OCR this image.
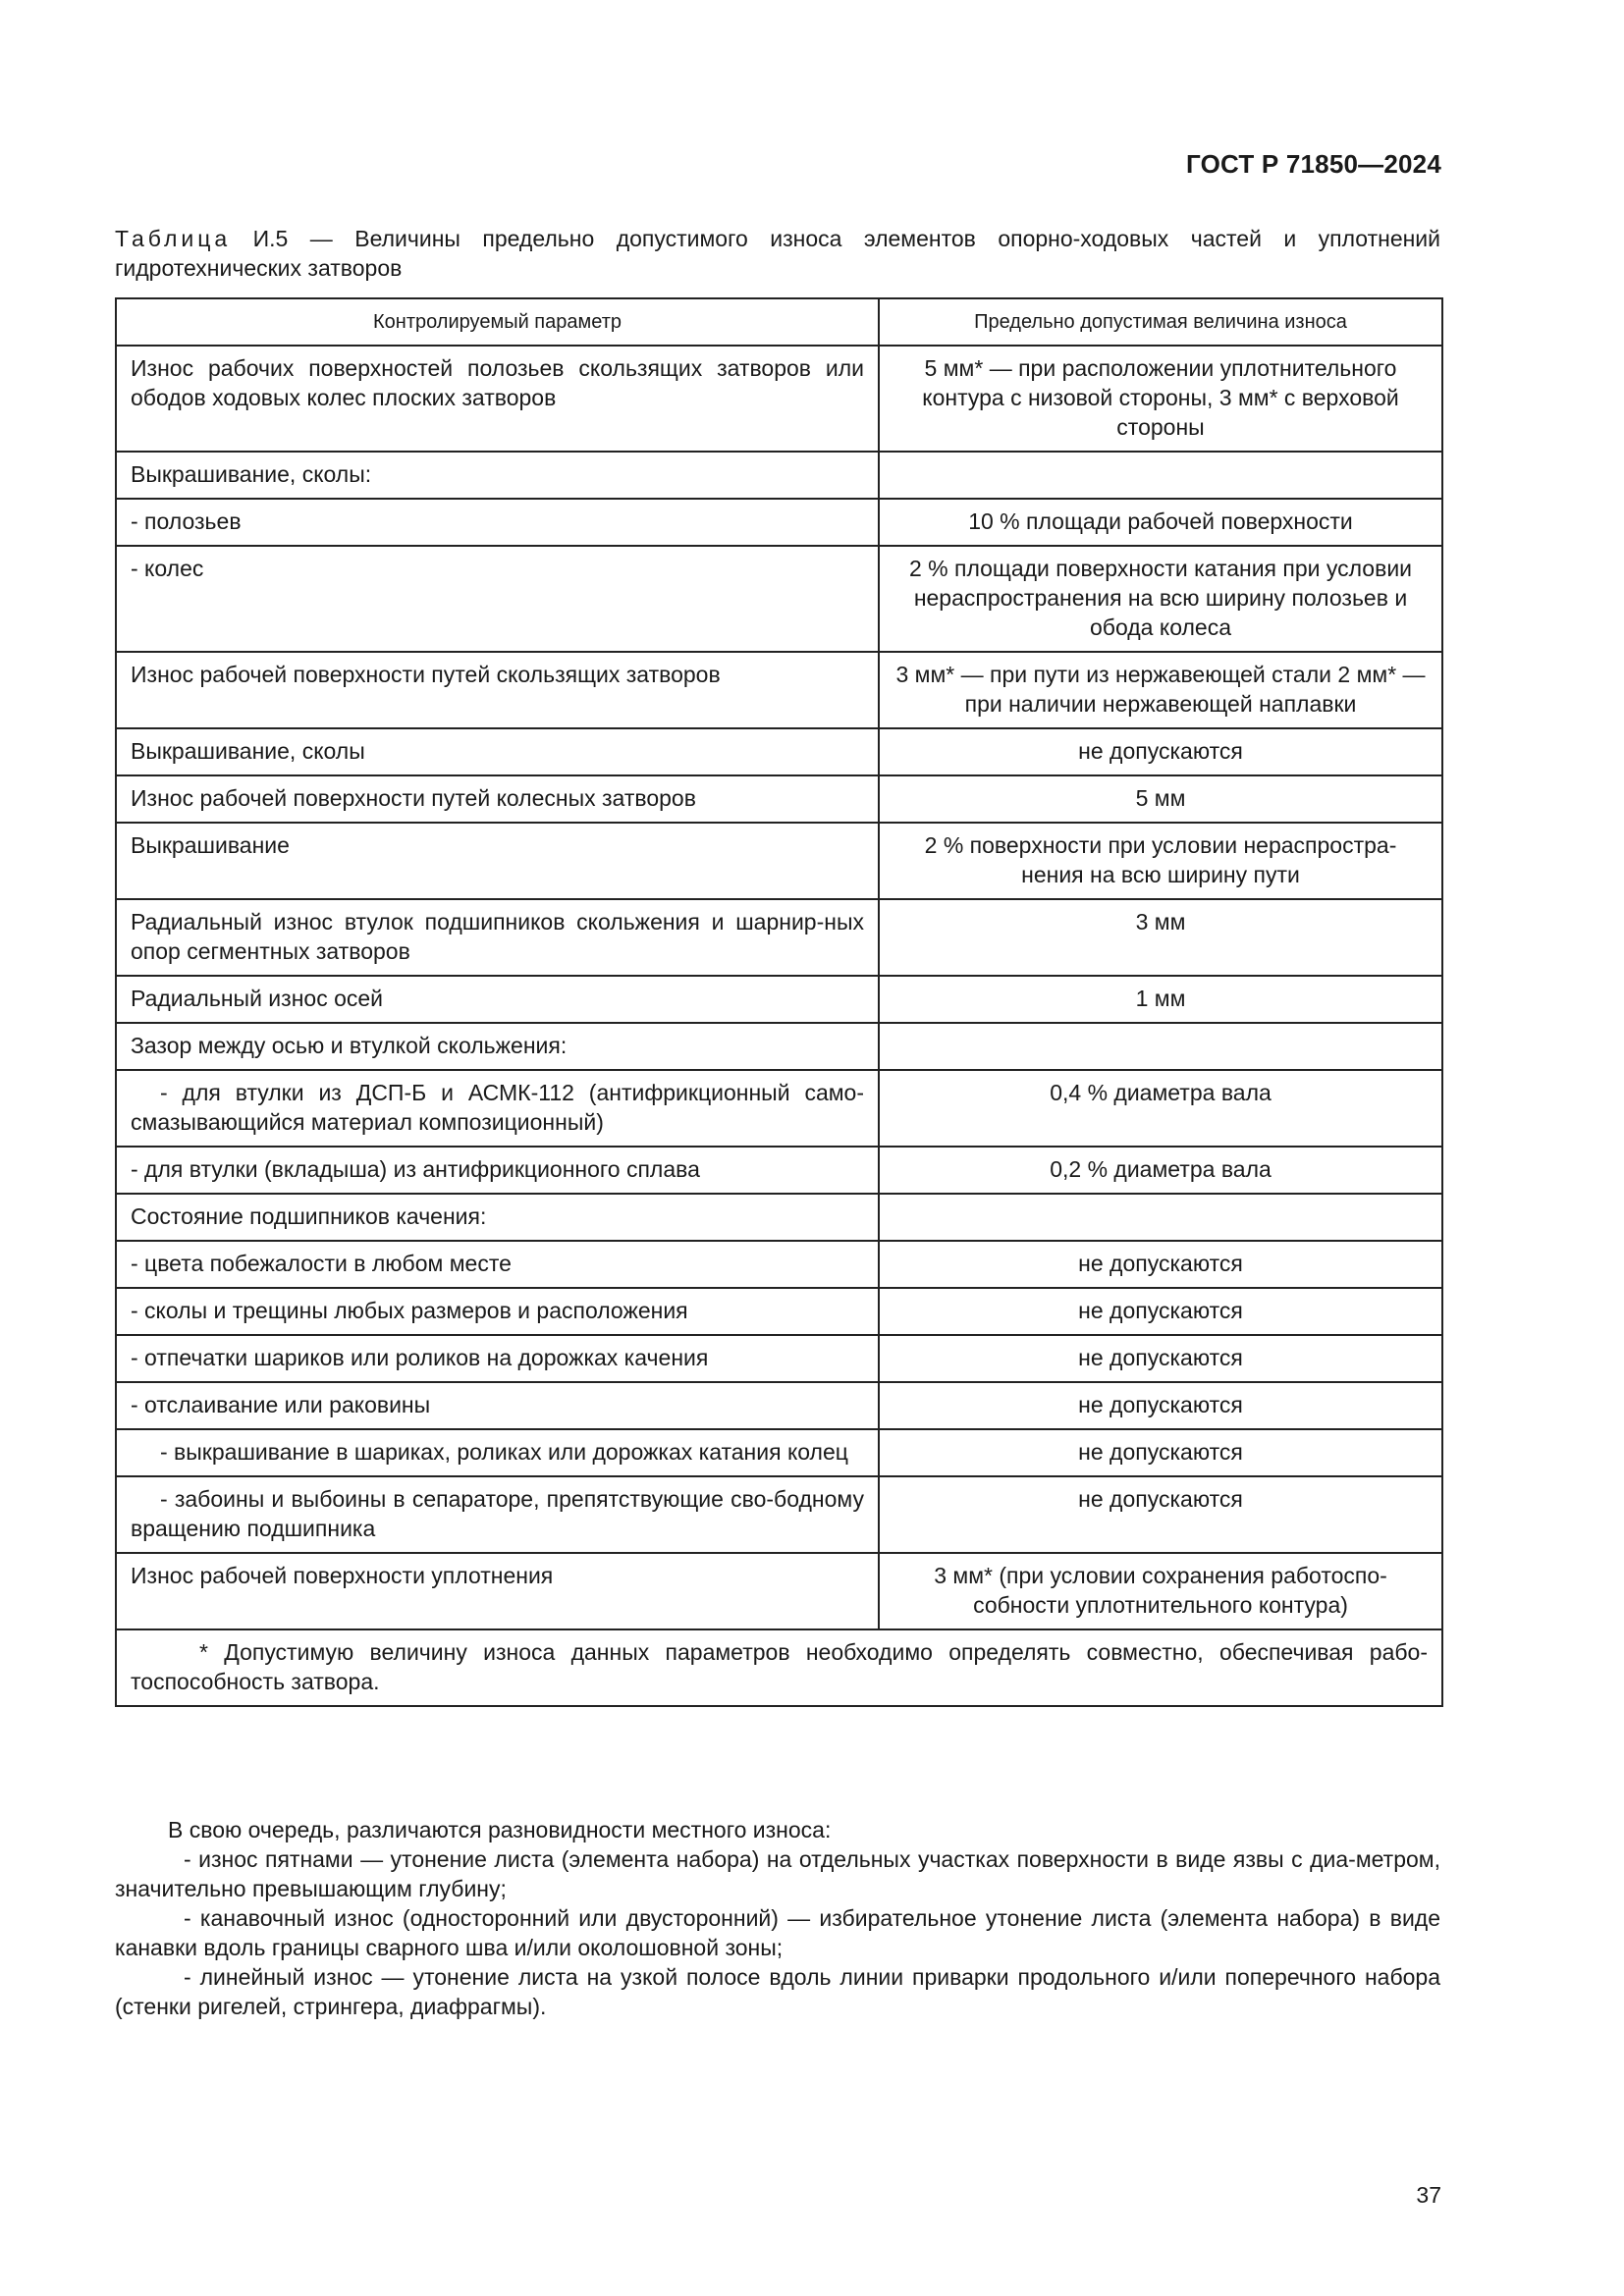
ГОСТ Р 71850—2024
Таблица И.5 — Величины предельно допустимого износа элементов опорно-ходовых частей и уплотнений гидротехнических затворов
Контролируемый параметр	Предельно допустимая величина износа
Износ рабочих поверхностей полозьев скользящих затворов или ободов ходовых колес плоских затворов	5 мм* — при расположении уплотнительного контура с низовой стороны, 3 мм* с верховой стороны
Выкрашивание, сколы:	
- полозьев	10 % площади рабочей поверхности
- колес	2 % площади поверхности катания при условии нераспространения на всю ширину полозьев и обода колеса
Износ рабочей поверхности путей скользящих затворов	3 мм* — при пути из нержавеющей стали 2 мм* — при наличии нержавеющей наплавки
Выкрашивание, сколы	не допускаются
Износ рабочей поверхности путей колесных затворов	5 мм
Выкрашивание	2 % поверхности при условии нераспростра-нения на всю ширину пути
Радиальный износ втулок подшипников скольжения и шарнир-ных опор сегментных затворов	3 мм
Радиальный износ осей	1 мм
Зазор между осью и втулкой скольжения:	
- для втулки из ДСП-Б и АСМК-112 (антифрикционный само-смазывающийся материал композиционный)	0,4 % диаметра вала
- для втулки (вкладыша) из антифрикционного сплава	0,2 % диаметра вала
Состояние подшипников качения:	
- цвета побежалости в любом месте	не допускаются
- сколы и трещины любых размеров и расположения	не допускаются
- отпечатки шариков или роликов на дорожках качения	не допускаются
- отслаивание или раковины	не допускаются
- выкрашивание в шариках, роликах или дорожках катания колец	не допускаются
- забоины и выбоины в сепараторе, препятствующие сво-бодному вращению подшипника	не допускаются
Износ рабочей поверхности уплотнения	3 мм* (при условии сохранения работоспо-собности уплотнительного контура)
* Допустимую величину износа данных параметров необходимо определять совместно, обеспечивая рабо-тоспособность затвора.	

В свою очередь, различаются разновидности местного износа:

- износ пятнами — утонение листа (элемента набора) на отдельных участках поверхности в виде язвы с диа-метром, значительно превышающим глубину;

- канавочный износ (односторонний или двусторонний) — избирательное утонение листа (элемента набора) в виде канавки вдоль границы сварного шва и/или околошовной зоны;

- линейный износ — утонение листа на узкой полосе вдоль линии приварки продольного и/или поперечного набора (стенки ригелей, стрингера, диафрагмы).

37
